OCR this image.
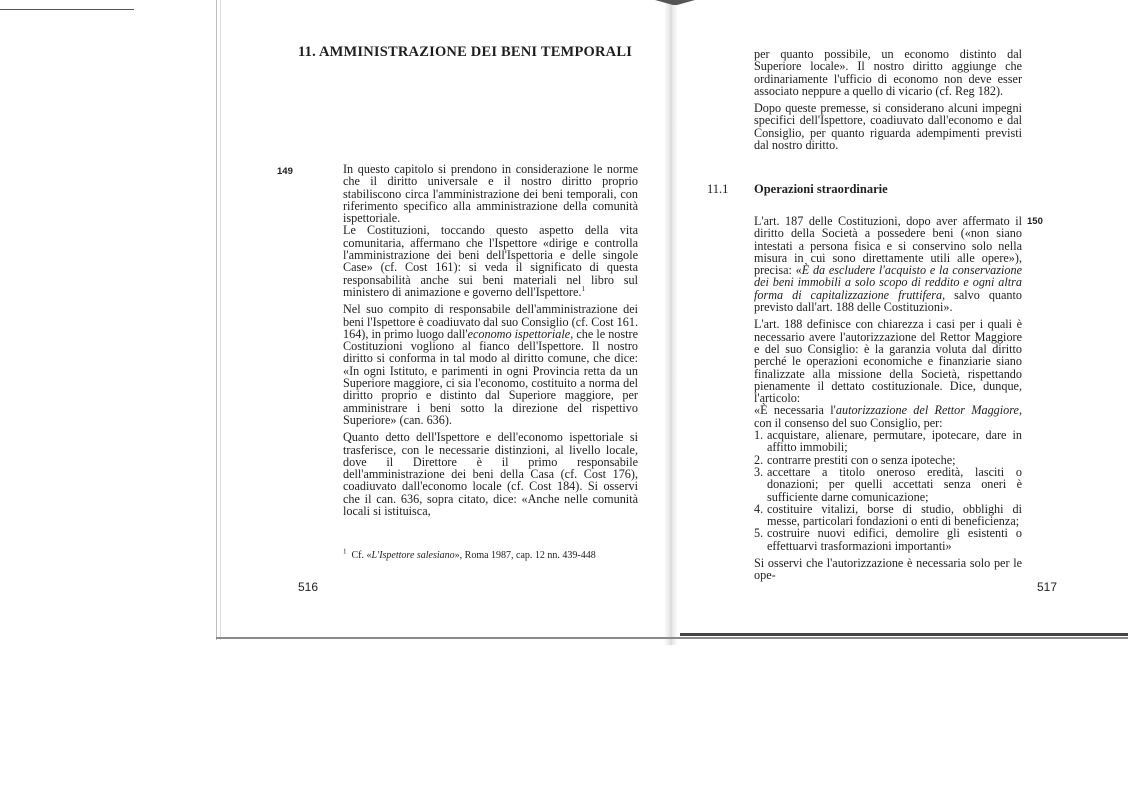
11. AMMINISTRAZIONE DEI BENI TEMPORALI
149	In questo capitolo si prendono in considerazione le norme che il diritto universale e il nostro diritto proprio stabiliscono circa l'amministrazione dei beni temporali, con riferimento specifico alla amministrazione della comunità ispettoriale.

Le Costituzioni, toccando questo aspetto della vita comunitaria, affermano che l'Ispettore «dirige e controlla l'amministrazione dei beni dell'Ispettoria e delle singole Case» (cf. Cost 161): si veda il significato di questa responsabilità anche sui beni materiali nel libro sul ministero di animazione e governo dell'Ispettore.$^1$

Nel suo compito di responsabile dell'amministrazione dei beni l'Ispettore è coadiuvato dal suo Consiglio (cf. Cost 161. 164), in primo luogo dall'economo ispettoriale, che le nostre Costituzioni vogliono al fianco dell'Ispettore. Il nostro diritto si conforma in tal modo al diritto comune, che dice: «In ogni Istituto, e parimenti in ogni Provincia retta da un Superiore maggiore, ci sia l'economo, costituito a norma del diritto proprio e distinto dal Superiore maggiore, per amministrare i beni sotto la direzione del rispettivo Superiore» (can. 636).

Quanto detto dell'Ispettore e dell'economo ispettoriale si trasferisce, con le necessarie distinzioni, al livello locale, dove il Direttore è il primo responsabile dell'amministrazione dei beni della Casa (cf. Cost 176), coadiuvato dall'economo locale (cf. Cost 184). Si osservi che il can. 636, sopra citato, dice: «Anche nelle comunità locali si istituisca,

$^1$ Cf. «L'Ispettore salesiano», Roma 1987, cap. 12 nn. 439-448
516

per quanto possibile, un economo distinto dal Superiore locale». Il nostro diritto aggiunge che ordinariamente l'ufficio di economo non deve esser associato neppure a quello di vicario (cf. Reg 182).

Dopo queste premesse, si considerano alcuni impegni specifici dell'Ispettore, coadiuvato dall'economo e dal Consiglio, per quanto riguarda adempimenti previsti dal nostro diritto.

11.1 Operazioni straordinarie
150

L'art. 187 delle Costituzioni, dopo aver affermato il diritto della Società a possedere beni («non siano intestati a persona fisica e si conservino solo nella misura in cui sono direttamente utili alle opere»), precisa: «È da escludere l'acquisto e la conservazione dei beni immobili a solo scopo di reddito e ogni altra forma di capitalizzazione fruttifera, salvo quanto previsto dall'art. 188 delle Costituzioni».

L'art. 188 definisce con chiarezza i casi per i quali è necessario avere l'autorizzazione del Rettor Maggiore e del suo Consiglio: è la garanzia voluta dal diritto perché le operazioni economiche e finanziarie siano finalizzate alla missione della Società, rispettando pienamente il dettato costituzionale. Dice, dunque, l'articolo:

«È necessaria l'autorizzazione del Rettor Maggiore, con il consenso del suo Consiglio, per:

1. acquistare, alienare, permutare, ipotecare, dare in affitto immobili;
2. contrarre prestiti con o senza ipoteche;
3. accettare a titolo oneroso eredità, lasciti o donazioni; per quelli accettati senza oneri è sufficiente darne comunicazione;
4. costituire vitalizi, borse di studio, obblighi di messe, particolari fondazioni o enti di beneficienza;
5. costruire nuovi edifici, demolire gli esistenti o effettuarvi trasformazioni importanti»

Si osservi che l'autorizzazione è necessaria solo per le ope-

517
